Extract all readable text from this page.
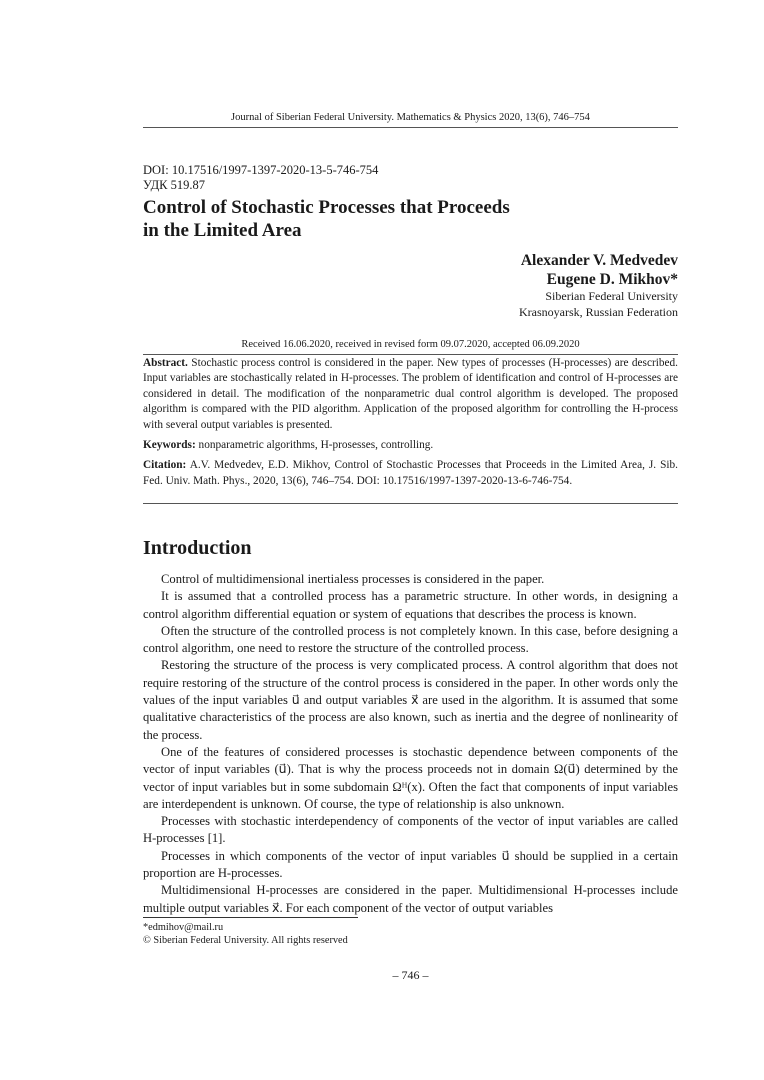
Journal of Siberian Federal University. Mathematics & Physics 2020, 13(6), 746–754
DOI: 10.17516/1997-1397-2020-13-5-746-754
УДК 519.87
Control of Stochastic Processes that Proceeds
in the Limited Area
Alexander V. Medvedev
Eugene D. Mikhov*
Siberian Federal University
Krasnoyarsk, Russian Federation
Received 16.06.2020, received in revised form 09.07.2020, accepted 06.09.2020

Abstract. Stochastic process control is considered in the paper. New types of processes (H-processes) are described. Input variables are stochastically related in H-processes. The problem of identification and control of H-processes are considered in detail. The modification of the nonparametric dual control algorithm is developed. The proposed algorithm is compared with the PID algorithm. Application of the proposed algorithm for controlling the H-process with several output variables is presented.

Keywords: nonparametric algorithms, H-prosesses, controlling.

Citation: A.V. Medvedev, E.D. Mikhov, Control of Stochastic Processes that Proceeds in the Limited Area, J. Sib. Fed. Univ. Math. Phys., 2020, 13(6), 746–754. DOI: 10.17516/1997-1397-2020-13-6-746-754.

Introduction

Control of multidimensional inertialess processes is considered in the paper.

It is assumed that a controlled process has a parametric structure. In other words, in designing a control algorithm differential equation or system of equations that describes the process is known.

Often the structure of the controlled process is not completely known. In this case, before designing a control algorithm, one need to restore the structure of the controlled process.

Restoring the structure of the process is very complicated process. A control algorithm that does not require restoring of the structure of the control process is considered in the paper. In other words only the values of the input variables u⃗ and output variables x⃗ are used in the algorithm. It is assumed that some qualitative characteristics of the process are also known, such as inertia and the degree of nonlinearity of the process.

One of the features of considered processes is stochastic dependence between components of the vector of input variables (u⃗). That is why the process proceeds not in domain Ω(u⃗) determined by the vector of input variables but in some subdomain Ωᴴ(x). Often the fact that components of input variables are interdependent is unknown. Of course, the type of relationship is also unknown.

Processes with stochastic interdependency of components of the vector of input variables are called H-processes [1].

Processes in which components of the vector of input variables u⃗ should be supplied in a certain proportion are H-processes.

Multidimensional H-processes are considered in the paper. Multidimensional H-processes include multiple output variables x⃗. For each component of the vector of output variables

*edmihov@mail.ru
© Siberian Federal University. All rights reserved
– 746 –
